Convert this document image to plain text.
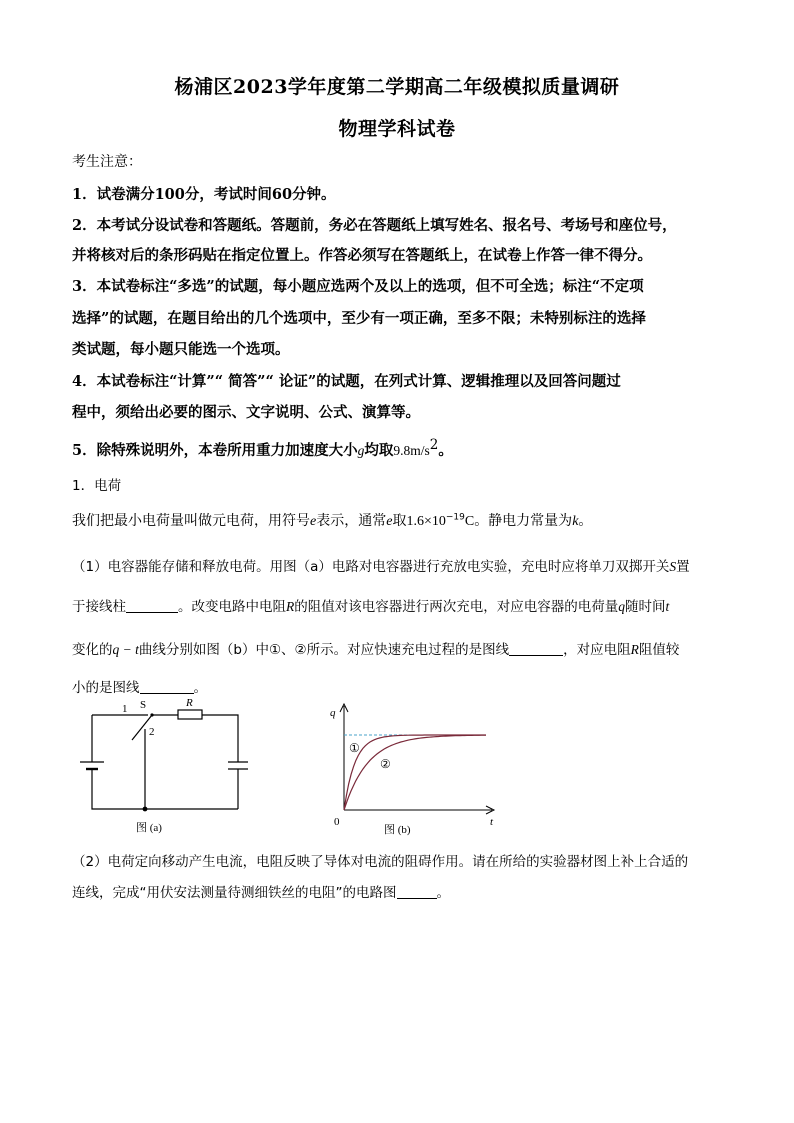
杨浦区2023学年度第二学期高二年级模拟质量调研
物理学科试卷
考生注意：
1．试卷满分100分，考试时间60分钟。
2．本考试分设试卷和答题纸。答题前，务必在答题纸上填写姓名、报名号、考场号和座位号，
并将核对后的条形码贴在指定位置上。作答必须写在答题纸上，在试卷上作答一律不得分。
3．本试卷标注“多选”的试题，每小题应选两个及以上的选项，但不可全选；标注“不定项
选择”的试题，在题目给出的几个选项中，至少有一项正确，至多不限；未特别标注的选择
类试题，每小题只能选一个选项。
4．本试卷标注“计算”“ 简答”“ 论证”的试题，在列式计算、逻辑推理以及回答问题过
程中，须给出必要的图示、文字说明、公式、演算等。
5．除特殊说明外，本卷所用重力加速度大小g均取$9.8m/s^2$。
1．电荷
我们把最小电荷量叫做元电荷，用符号e表示，通常e取$1.6\times 10^{-19}C$。静电力常量为k。
（1）电容器能存储和释放电荷。用图（a）电路对电容器进行充放电实验，充电时应将单刀双掷开关S置
于接线柱	。改变电路中电阻R的阻值对该电容器进行两次充电，对应电容器的电荷量q随时间t
变化的q − t曲线分别如图（b）中①、②所示。对应快速充电过程的是图线	，对应电阻R阻值较
小的是图线	。
1 S	R
2
图 (a)
q
t
0
①
②
图 (b)
（2）电荷定向移动产生电流，电阻反映了导体对电流的阻碍作用。请在所给的实验器材图上补上合适的
连线，完成“用伏安法测量待测细铁丝的电阻”的电路图	。
